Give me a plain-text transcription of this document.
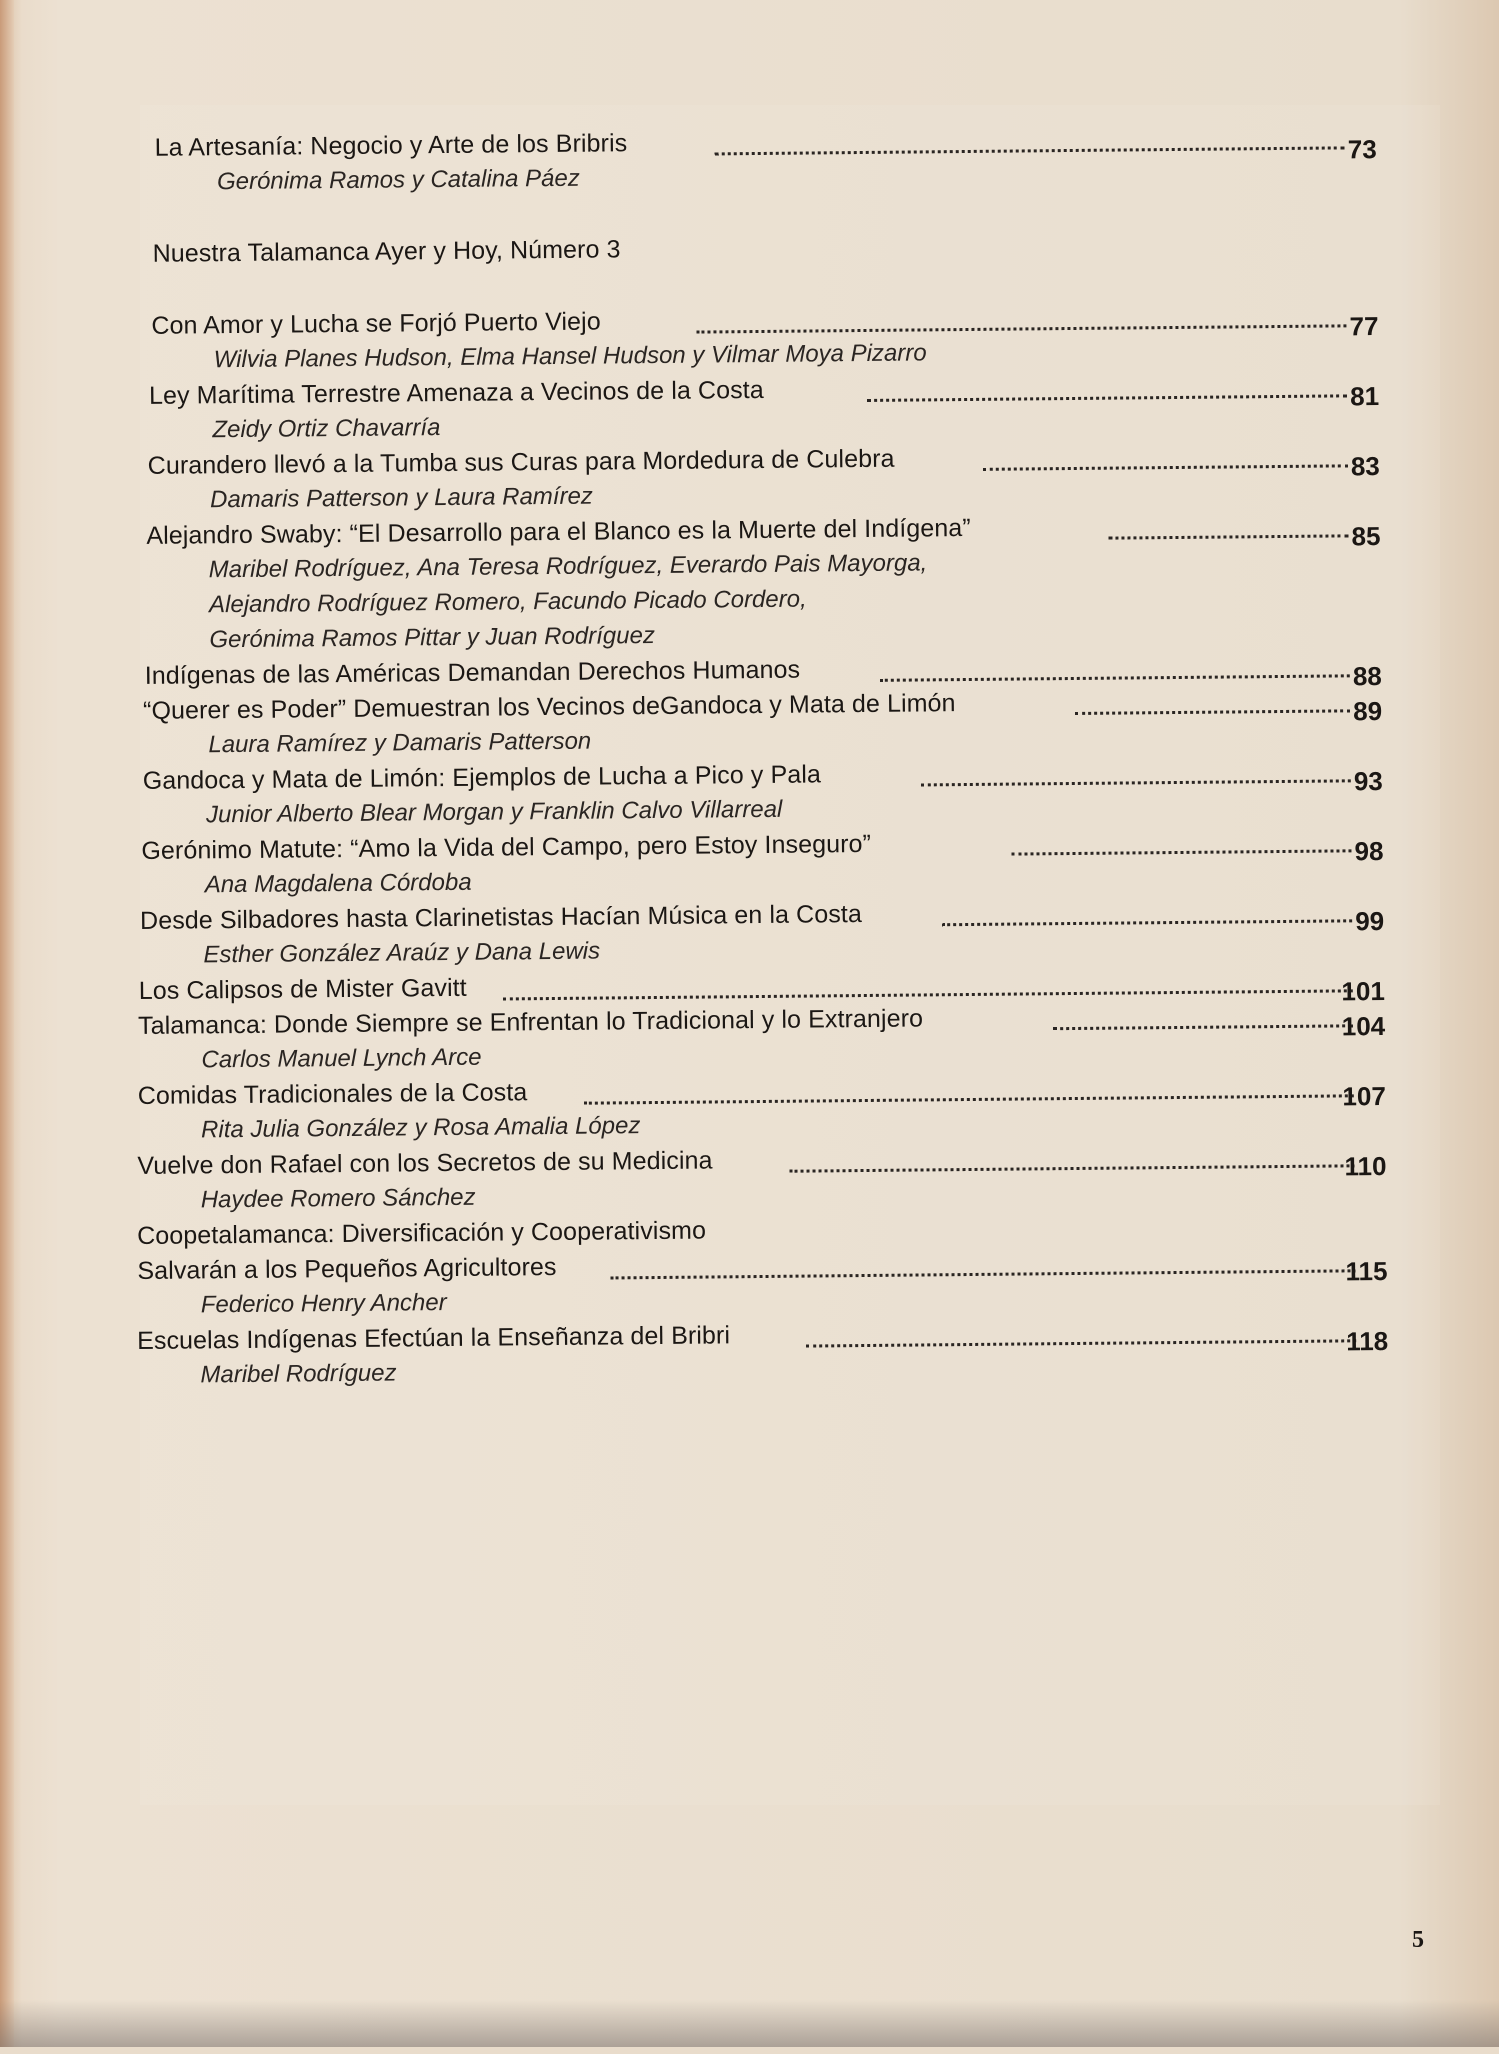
La Artesanía: Negocio y Arte de los Bribris	73
Gerónima Ramos y Catalina Páez
Nuestra Talamanca Ayer y Hoy, Número 3
Con Amor y Lucha se Forjó Puerto Viejo	77
Wilvia Planes Hudson, Elma Hansel Hudson y Vilmar Moya Pizarro
Ley Marítima Terrestre Amenaza a Vecinos de la Costa	81
Zeidy Ortiz Chavarría
Curandero llevó a la Tumba sus Curas para Mordedura de Culebra	83
Damaris Patterson y Laura Ramírez
Alejandro Swaby: “El Desarrollo para el Blanco es la Muerte del Indígena”	85
Maribel Rodríguez, Ana Teresa Rodríguez, Everardo Pais Mayorga,
Alejandro Rodríguez Romero, Facundo Picado Cordero,
Gerónima Ramos Pittar y Juan Rodríguez
Indígenas de las Américas Demandan Derechos Humanos	88
“Querer es Poder” Demuestran los Vecinos deGandoca y Mata de Limón	89
Laura Ramírez y Damaris Patterson
Gandoca y Mata de Limón: Ejemplos de Lucha a Pico y Pala	93
Junior Alberto Blear Morgan y Franklin Calvo Villarreal
Gerónimo Matute: “Amo la Vida del Campo, pero Estoy Inseguro”	98
Ana Magdalena Córdoba
Desde Silbadores hasta Clarinetistas Hacían Música en la Costa	99
Esther González Araúz y Dana Lewis
Los Calipsos de Mister Gavitt	101
Talamanca: Donde Siempre se Enfrentan lo Tradicional y lo Extranjero	104
Carlos Manuel Lynch Arce
Comidas Tradicionales de la Costa	107
Rita Julia González y Rosa Amalia López
Vuelve don Rafael con los Secretos de su Medicina	110
Haydee Romero Sánchez
Coopetalamanca: Diversificación y Cooperativismo
Salvarán a los Pequeños Agricultores	115
Federico Henry Ancher
Escuelas Indígenas Efectúan la Enseñanza del Bribri	118
Maribel Rodríguez
5
